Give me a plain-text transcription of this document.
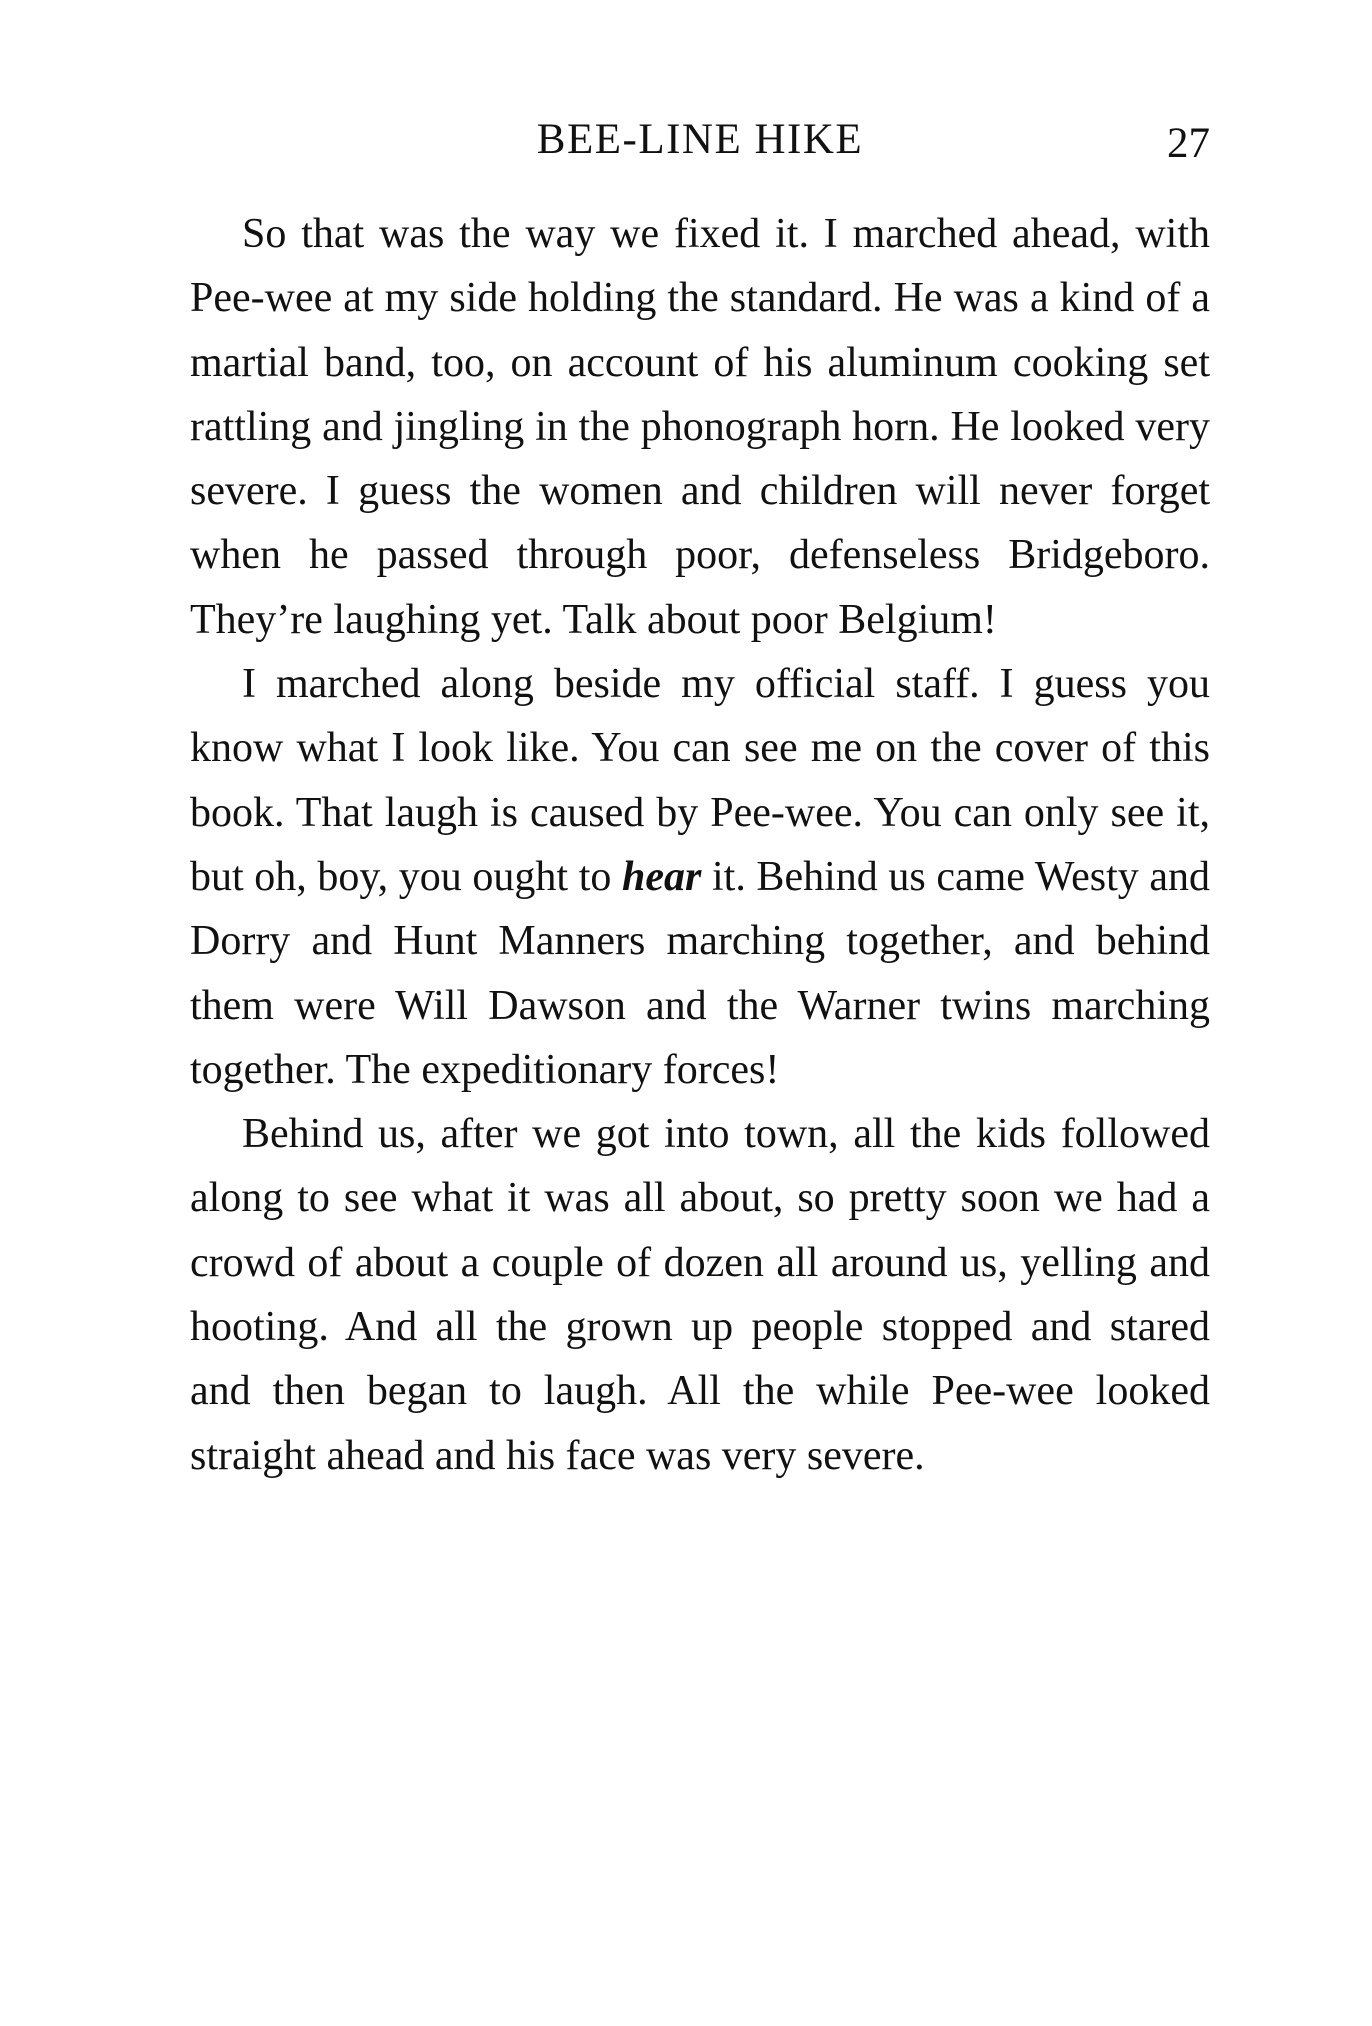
BEE-LINE HIKE	27

So that was the way we fixed it. I marched ahead, with Pee-wee at my side holding the standard. He was a kind of a martial band, too, on account of his aluminum cooking set rattling and jingling in the phonograph horn. He looked very severe. I guess the women and children will never forget when he passed through poor, defenseless Bridgeboro. They’re laughing yet. Talk about poor Belgium!

I marched along beside my official staff. I guess you know what I look like. You can see me on the cover of this book. That laugh is caused by Pee-wee. You can only see it, but oh, boy, you ought to hear it. Behind us came Westy and Dorry and Hunt Manners marching together, and behind them were Will Dawson and the Warner twins marching together. The expeditionary forces!

Behind us, after we got into town, all the kids followed along to see what it was all about, so pretty soon we had a crowd of about a couple of dozen all around us, yelling and hooting. And all the grown up people stopped and stared and then began to laugh. All the while Pee-wee looked straight ahead and his face was very severe.
